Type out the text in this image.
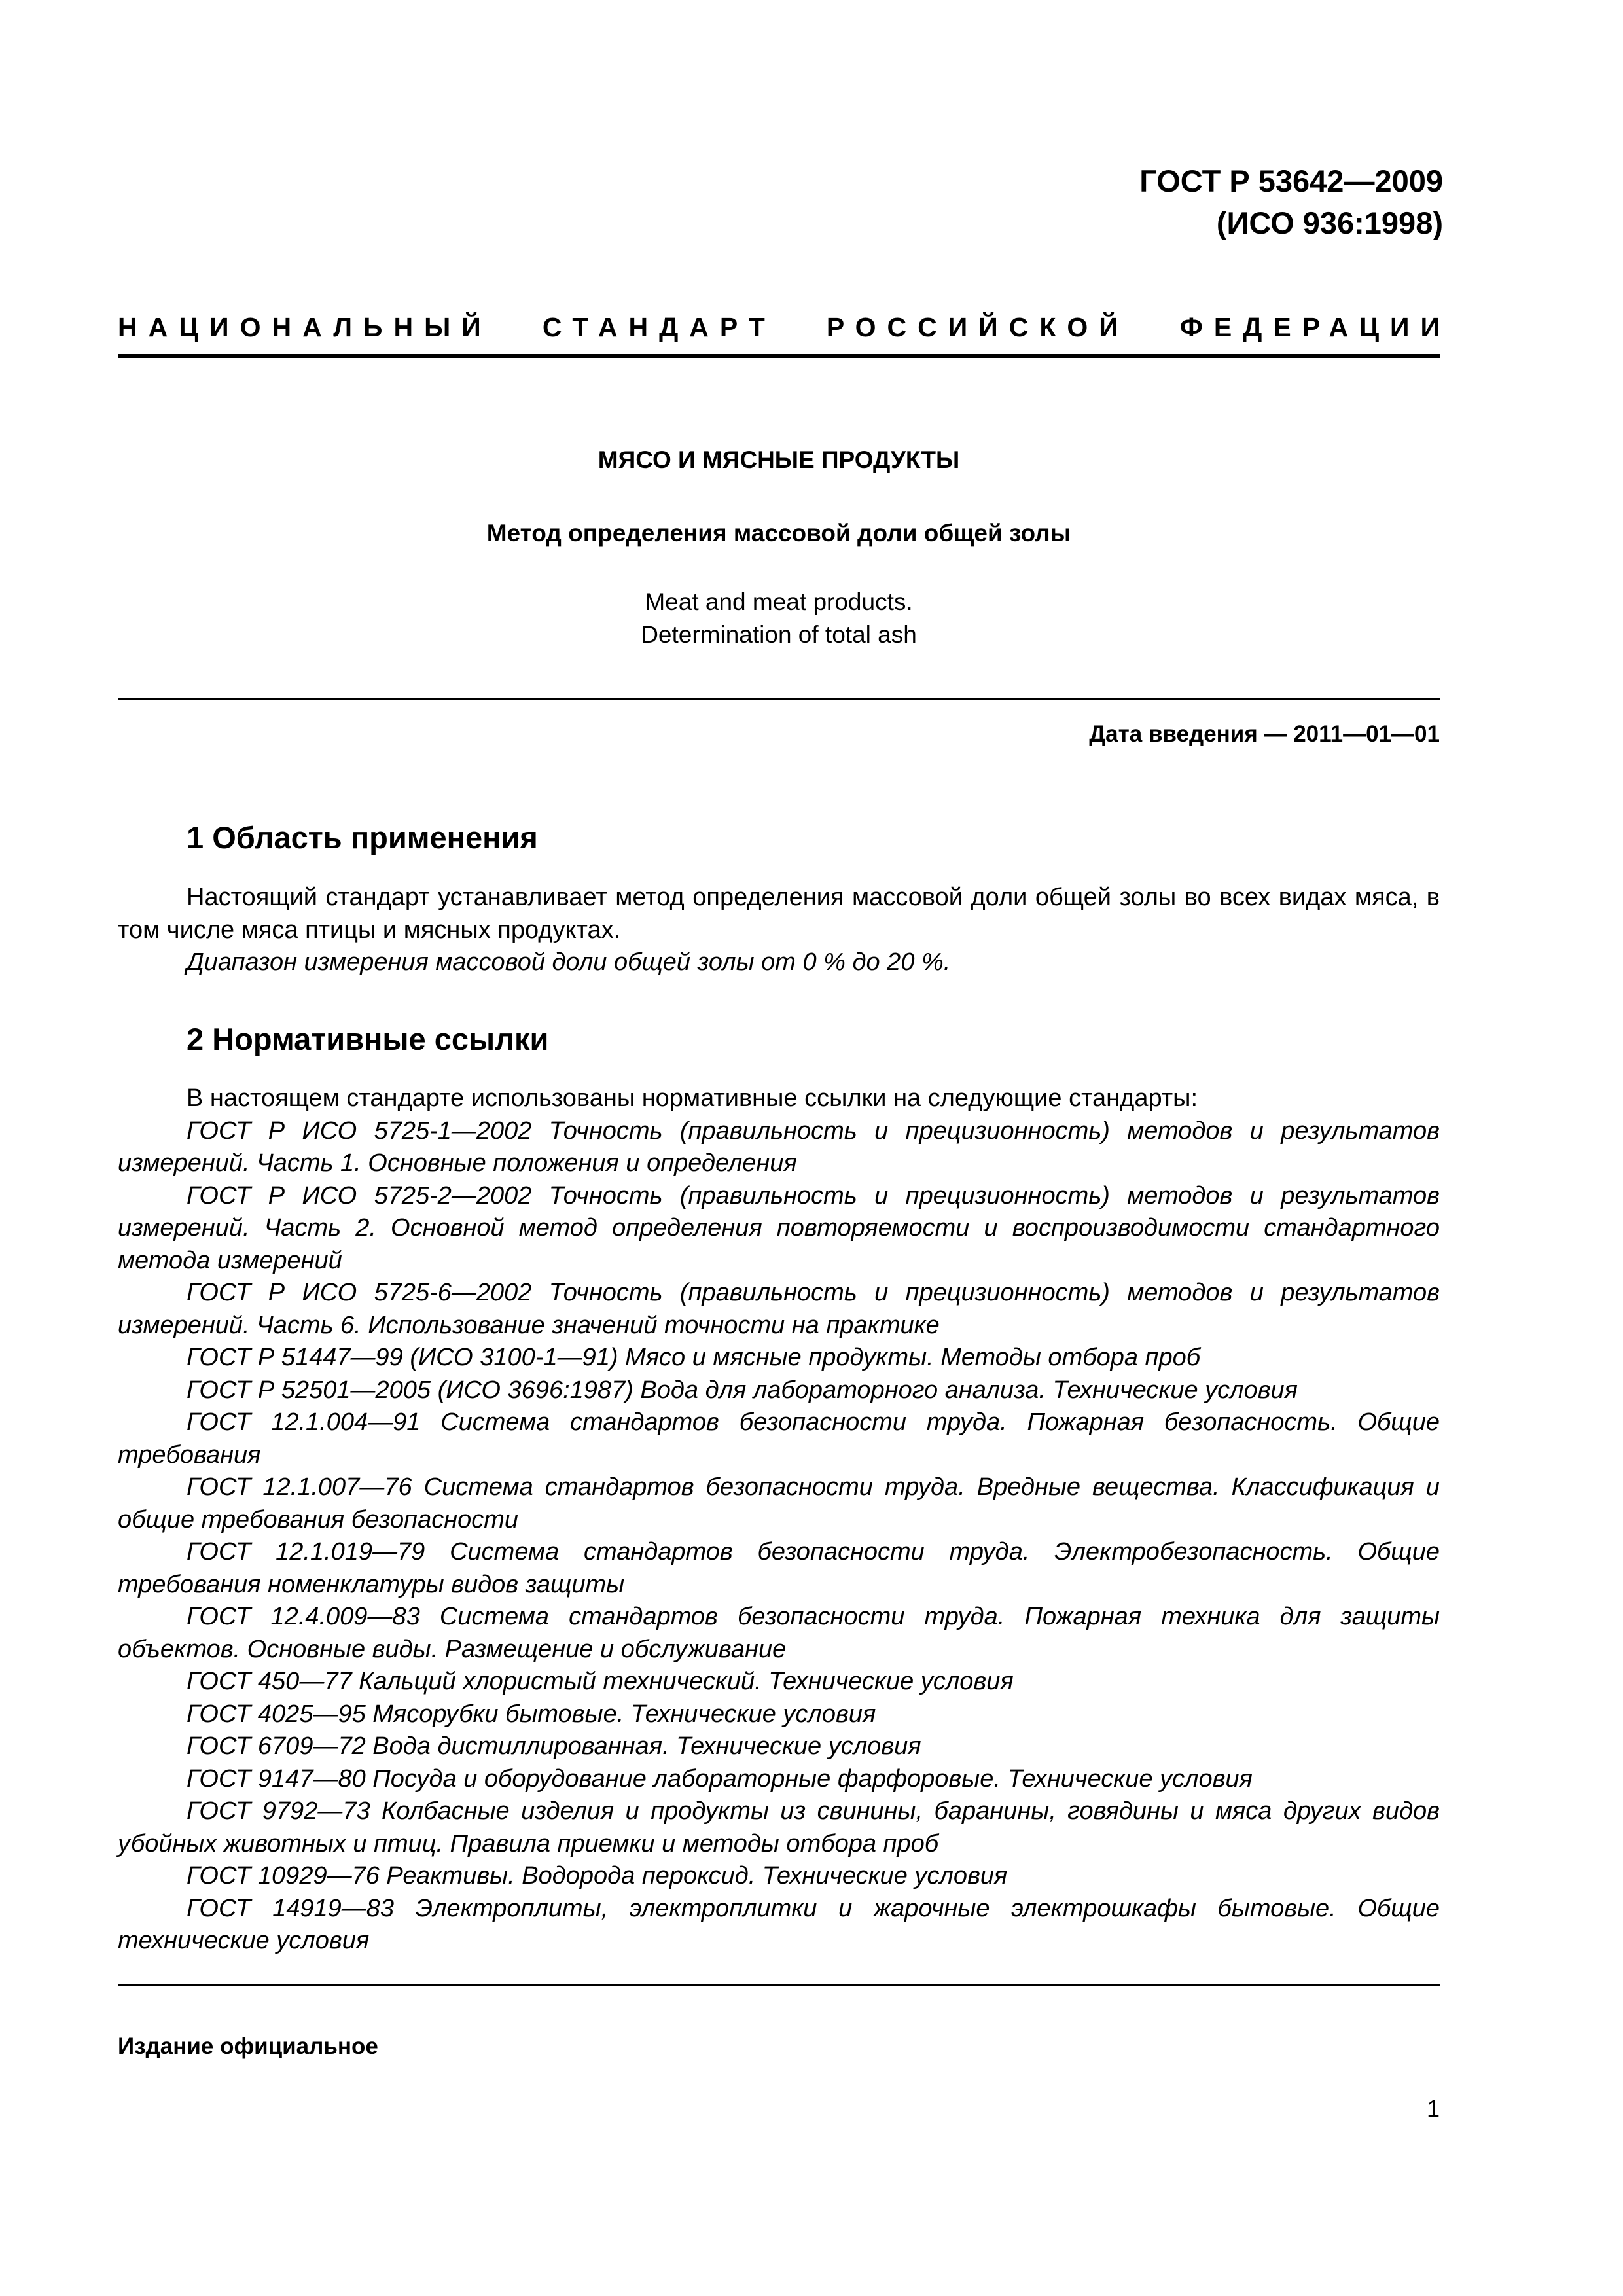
ГОСТ Р 53642—2009
(ИСО 936:1998)
НАЦИОНАЛЬНЫЙ СТАНДАРТ РОССИЙСКОЙ ФЕДЕРАЦИИ
МЯСО И МЯСНЫЕ ПРОДУКТЫ
Метод определения массовой доли общей золы
Meat and meat products.
Determination of total ash
Дата введения — 2011—01—01
1 Область применения

Настоящий стандарт устанавливает метод определения массовой доли общей золы во всех видах мяса, в том числе мяса птицы и мясных продуктах.

Диапазон измерения массовой доли общей золы от 0 % до 20 %.

2 Нормативные ссылки

В настоящем стандарте использованы нормативные ссылки на следующие стандарты:

ГОСТ Р ИСО 5725-1—2002 Точность (правильность и прецизионность) методов и результатов измерений. Часть 1. Основные положения и определения

ГОСТ Р ИСО 5725-2—2002 Точность (правильность и прецизионность) методов и результатов измерений. Часть 2. Основной метод определения повторяемости и воспроизводимости стандартного метода измерений

ГОСТ Р ИСО 5725-6—2002 Точность (правильность и прецизионность) методов и результатов измерений. Часть 6. Использование значений точности на практике

ГОСТ Р 51447—99 (ИСО 3100-1—91) Мясо и мясные продукты. Методы отбора проб

ГОСТ Р 52501—2005 (ИСО 3696:1987) Вода для лабораторного анализа. Технические условия

ГОСТ 12.1.004—91 Система стандартов безопасности труда. Пожарная безопасность. Общие требования

ГОСТ 12.1.007—76 Система стандартов безопасности труда. Вредные вещества. Классификация и общие требования безопасности

ГОСТ 12.1.019—79 Система стандартов безопасности труда. Электробезопасность. Общие требования номенклатуры видов защиты

ГОСТ 12.4.009—83 Система стандартов безопасности труда. Пожарная техника для защиты объектов. Основные виды. Размещение и обслуживание

ГОСТ 450—77 Кальций хлористый технический. Технические условия

ГОСТ 4025—95 Мясорубки бытовые. Технические условия

ГОСТ 6709—72 Вода дистиллированная. Технические условия

ГОСТ 9147—80 Посуда и оборудование лабораторные фарфоровые. Технические условия

ГОСТ 9792—73 Колбасные изделия и продукты из свинины, баранины, говядины и мяса других видов убойных животных и птиц. Правила приемки и методы отбора проб

ГОСТ 10929—76 Реактивы. Водорода пероксид. Технические условия

ГОСТ 14919—83 Электроплиты, электроплитки и жарочные электрошкафы бытовые. Общие технические условия

Издание официальное
1
